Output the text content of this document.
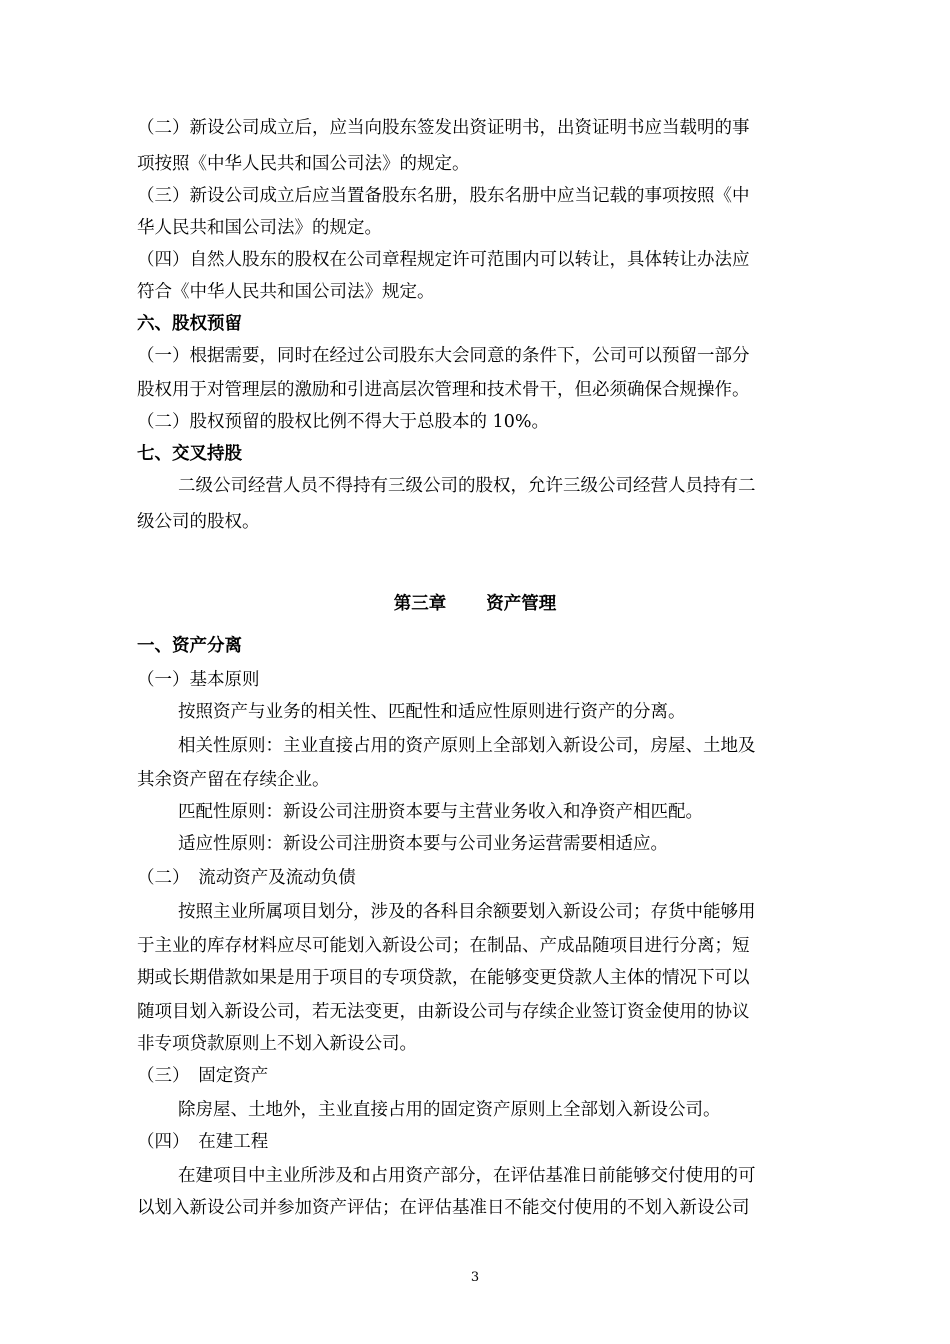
（二）新设公司成立后，应当向股东签发出资证明书，出资证明书应当载明的事
项按照《中华人民共和国公司法》的规定。
（三）新设公司成立后应当置备股东名册，股东名册中应当记载的事项按照《中
华人民共和国公司法》的规定。
（四）自然人股东的股权在公司章程规定许可范围内可以转让，具体转让办法应
符合《中华人民共和国公司法》规定。
六、股权预留
（一）根据需要，同时在经过公司股东大会同意的条件下，公司可以预留一部分
股权用于对管理层的激励和引进高层次管理和技术骨干，但必须确保合规操作。
（二）股权预留的股权比例不得大于总股本的 10%。
七、交叉持股
二级公司经营人员不得持有三级公司的股权，允许三级公司经营人员持有二
级公司的股权。
第三章 资产管理
一、资产分离
（一）基本原则
按照资产与业务的相关性、匹配性和适应性原则进行资产的分离。
相关性原则：主业直接占用的资产原则上全部划入新设公司，房屋、土地及
其余资产留在存续企业。
匹配性原则：新设公司注册资本要与主营业务收入和净资产相匹配。
适应性原则：新设公司注册资本要与公司业务运营需要相适应。
（二）　流动资产及流动负债
按照主业所属项目划分，涉及的各科目余额要划入新设公司；存货中能够用
于主业的库存材料应尽可能划入新设公司；在制品、产成品随项目进行分离；短
期或长期借款如果是用于项目的专项贷款，在能够变更贷款人主体的情况下可以
随项目划入新设公司，若无法变更，由新设公司与存续企业签订资金使用的协议
非专项贷款原则上不划入新设公司。
（三）　固定资产
除房屋、土地外，主业直接占用的固定资产原则上全部划入新设公司。
（四）　在建工程
在建项目中主业所涉及和占用资产部分，在评估基准日前能够交付使用的可
以划入新设公司并参加资产评估；在评估基准日不能交付使用的不划入新设公司
3
